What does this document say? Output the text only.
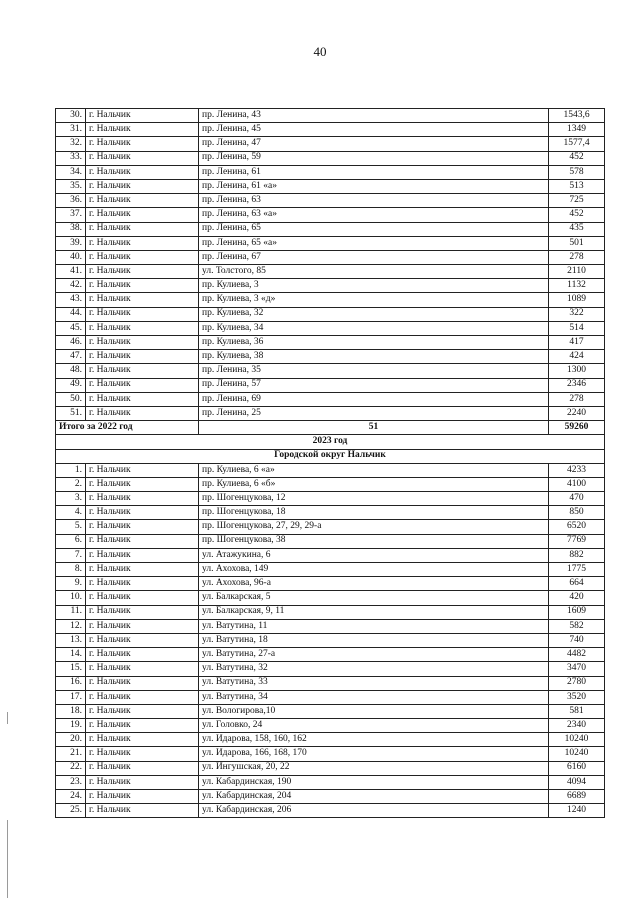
40
30.	г. Нальчик	пр. Ленина, 43	1543,6
31.	г. Нальчик	пр. Ленина, 45	1349
32.	г. Нальчик	пр. Ленина, 47	1577,4
33.	г. Нальчик	пр. Ленина, 59	452
34.	г. Нальчик	пр. Ленина, 61	578
35.	г. Нальчик	пр. Ленина, 61 «а»	513
36.	г. Нальчик	пр. Ленина, 63	725
37.	г. Нальчик	пр. Ленина, 63 «а»	452
38.	г. Нальчик	пр. Ленина, 65	435
39.	г. Нальчик	пр. Ленина, 65 «а»	501
40.	г. Нальчик	пр. Ленина, 67	278
41.	г. Нальчик	ул. Толстого, 85	2110
42.	г. Нальчик	пр. Кулиева, 3	1132
43.	г. Нальчик	пр. Кулиева, 3 «д»	1089
44.	г. Нальчик	пр. Кулиева, 32	322
45.	г. Нальчик	пр. Кулиева, 34	514
46.	г. Нальчик	пр. Кулиева, 36	417
47.	г. Нальчик	пр. Кулиева, 38	424
48.	г. Нальчик	пр. Ленина, 35	1300
49.	г. Нальчик	пр. Ленина, 57	2346
50.	г. Нальчик	пр. Ленина, 69	278
51.	г. Нальчик	пр. Ленина, 25	2240
Итого за 2022 год		51	59260
2023 год			
Городской округ Нальчик			
1.	г. Нальчик	пр. Кулиева, 6 «а»	4233
2.	г. Нальчик	пр. Кулиева, 6 «б»	4100
3.	г. Нальчик	пр. Шогенцукова, 12	470
4.	г. Нальчик	пр. Шогенцукова, 18	850
5.	г. Нальчик	пр. Шогенцукова, 27, 29, 29-а	6520
6.	г. Нальчик	пр. Шогенцукова, 38	7769
7.	г. Нальчик	ул. Атажукина, 6	882
8.	г. Нальчик	ул. Ахохова, 149	1775
9.	г. Нальчик	ул. Ахохова, 96-а	664
10.	г. Нальчик	ул. Балкарская, 5	420
11.	г. Нальчик	ул. Балкарская, 9, 11	1609
12.	г. Нальчик	ул. Ватутина, 11	582
13.	г. Нальчик	ул. Ватутина, 18	740
14.	г. Нальчик	ул. Ватутина, 27-а	4482
15.	г. Нальчик	ул. Ватутина, 32	3470
16.	г. Нальчик	ул. Ватутина, 33	2780
17.	г. Нальчик	ул. Ватутина, 34	3520
18.	г. Нальчик	ул. Вологирова,10	581
19.	г. Нальчик	ул. Головко, 24	2340
20.	г. Нальчик	ул. Идарова, 158, 160, 162	10240
21.	г. Нальчик	ул. Идарова, 166, 168, 170	10240
22.	г. Нальчик	ул. Ингушская, 20, 22	6160
23.	г. Нальчик	ул. Кабардинская, 190	4094
24.	г. Нальчик	ул. Кабардинская, 204	6689
25.	г. Нальчик	ул. Кабардинская, 206	1240
